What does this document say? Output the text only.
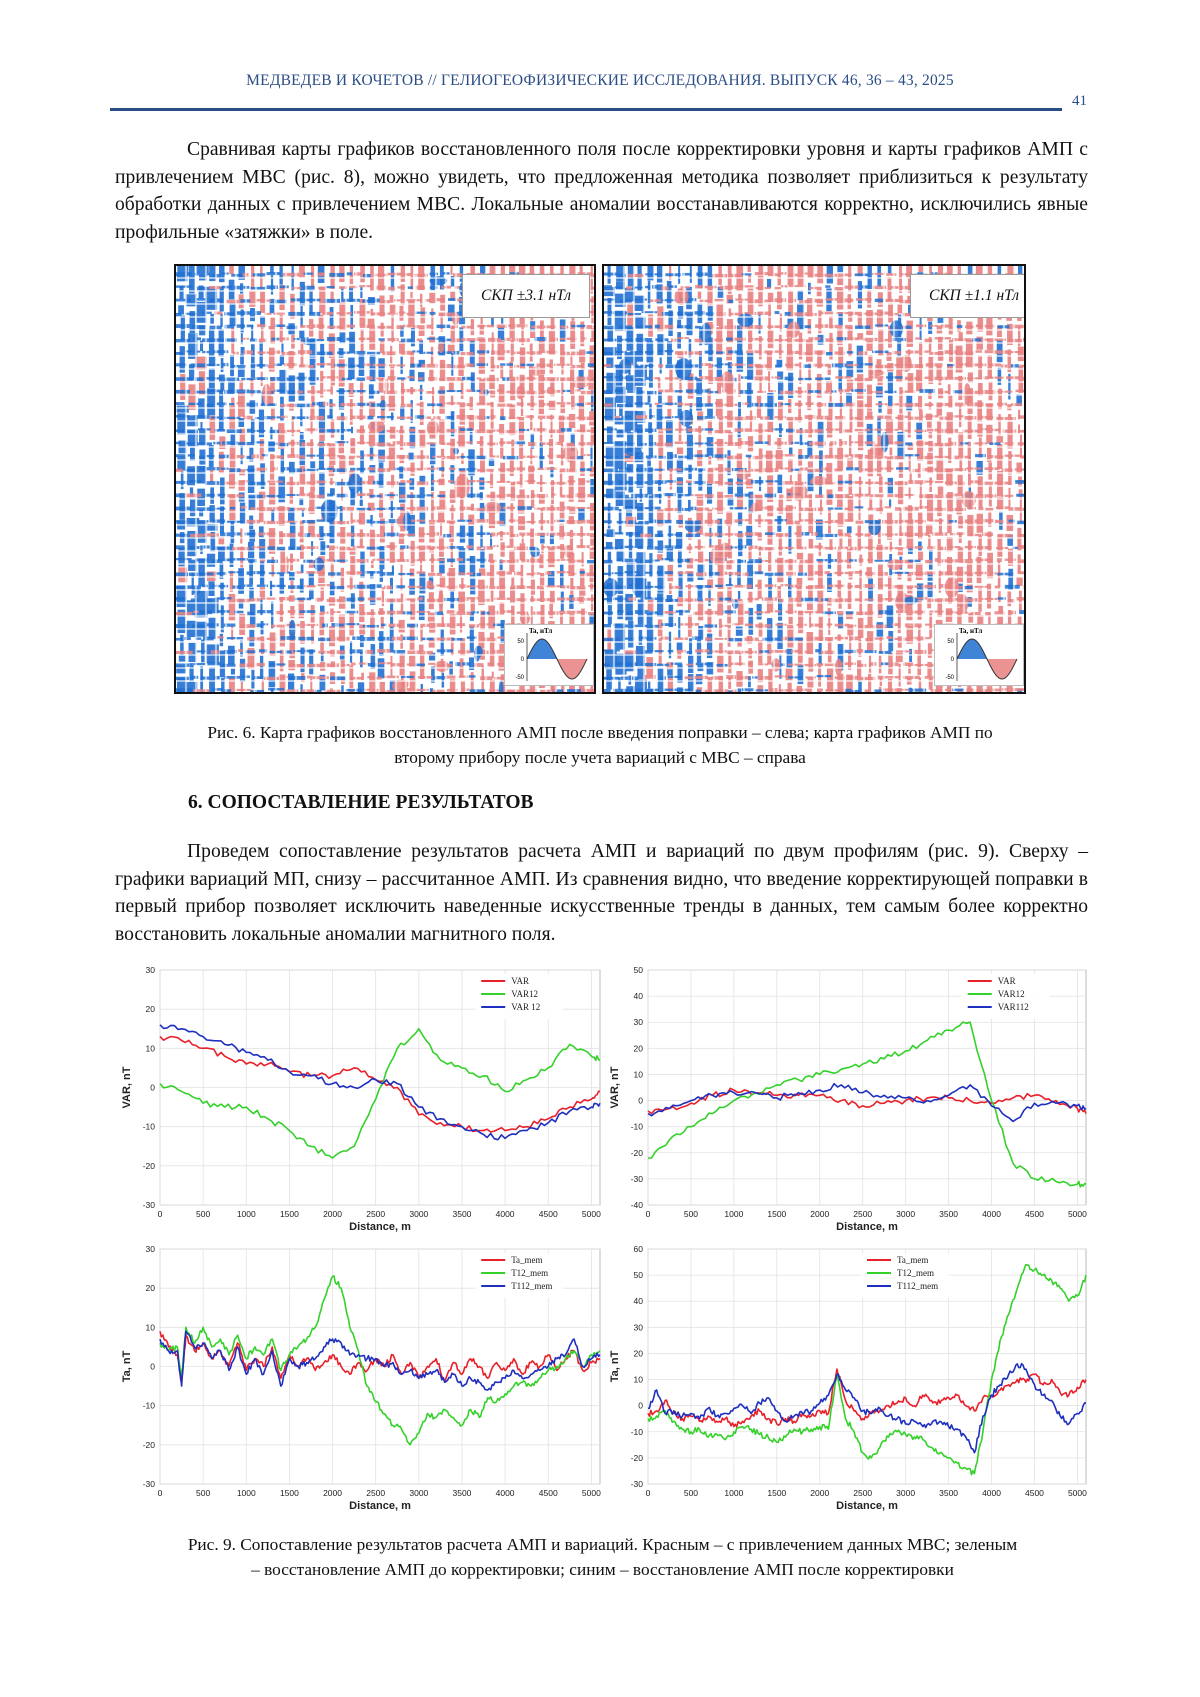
МЕДВЕДЕВ И КОЧЕТОВ // ГЕЛИОГЕОФИЗИЧЕСКИЕ ИССЛЕДОВАНИЯ. ВЫПУСК 46, 36 – 43, 2025
41

Сравнивая карты графиков восстановленного поля после корректировки уровня и карты графиков АМП с привлечением МВС (рис. 8), можно увидеть, что предложенная методика позволяет приблизиться к результату обработки данных с привлечением МВС. Локальные аномалии восстанавливаются корректно, исключились явные профильные «затяжки» в поле.

СКП ±3.1 нТл
Ta, нТл
50
0
-50
СКП ±1.1 нТл
Ta, нТл
50
0
-50

Рис. 6. Карта графиков восстановленного АМП после введения поправки – слева; карта графиков АМП по

второму прибору после учета вариаций с МВС – справа

6. СОПОСТАВЛЕНИЕ РЕЗУЛЬТАТОВ

Проведем сопоставление результатов расчета АМП и вариаций по двум профилям (рис. 9). Сверху – графики вариаций МП, снизу – рассчитанное АМП. Из сравнения видно, что введение корректирующей поправки в первый прибор позволяет исключить наведенные искусственные тренды в данных, тем самым более корректно восстановить локальные аномалии магнитного поля.

0	500	1000	1500	2000	2500	3000	3500	4000	4500	5000
-30
-20
-10
0
10
20
30
Distance, m
VAR, nT
VAR
VAR12
VAR 12
0	500	1000	1500	2000	2500	3000	3500	4000	4500	5000
-40
-30
-20
-10
0
10
20
30
40
50
Distance, m
VAR, nT
VAR
VAR12
VAR112
0	500	1000	1500	2000	2500	3000	3500	4000	4500	5000
-30
-20
-10
0
10
20
30
Distance, m
Ta, nT
Ta_mem
T12_mem
T112_mem
0	500	1000	1500	2000	2500	3000	3500	4000	4500	5000
-30
-20
-10
0
10
20
30
40
50
60
Distance, m
Ta, nT
Ta_mem
T12_mem
T112_mem

Рис. 9. Сопоставление результатов расчета АМП и вариаций. Красным – с привлечением данных МВС; зеленым

– восстановление АМП до корректировки; синим – восстановление АМП после корректировки
